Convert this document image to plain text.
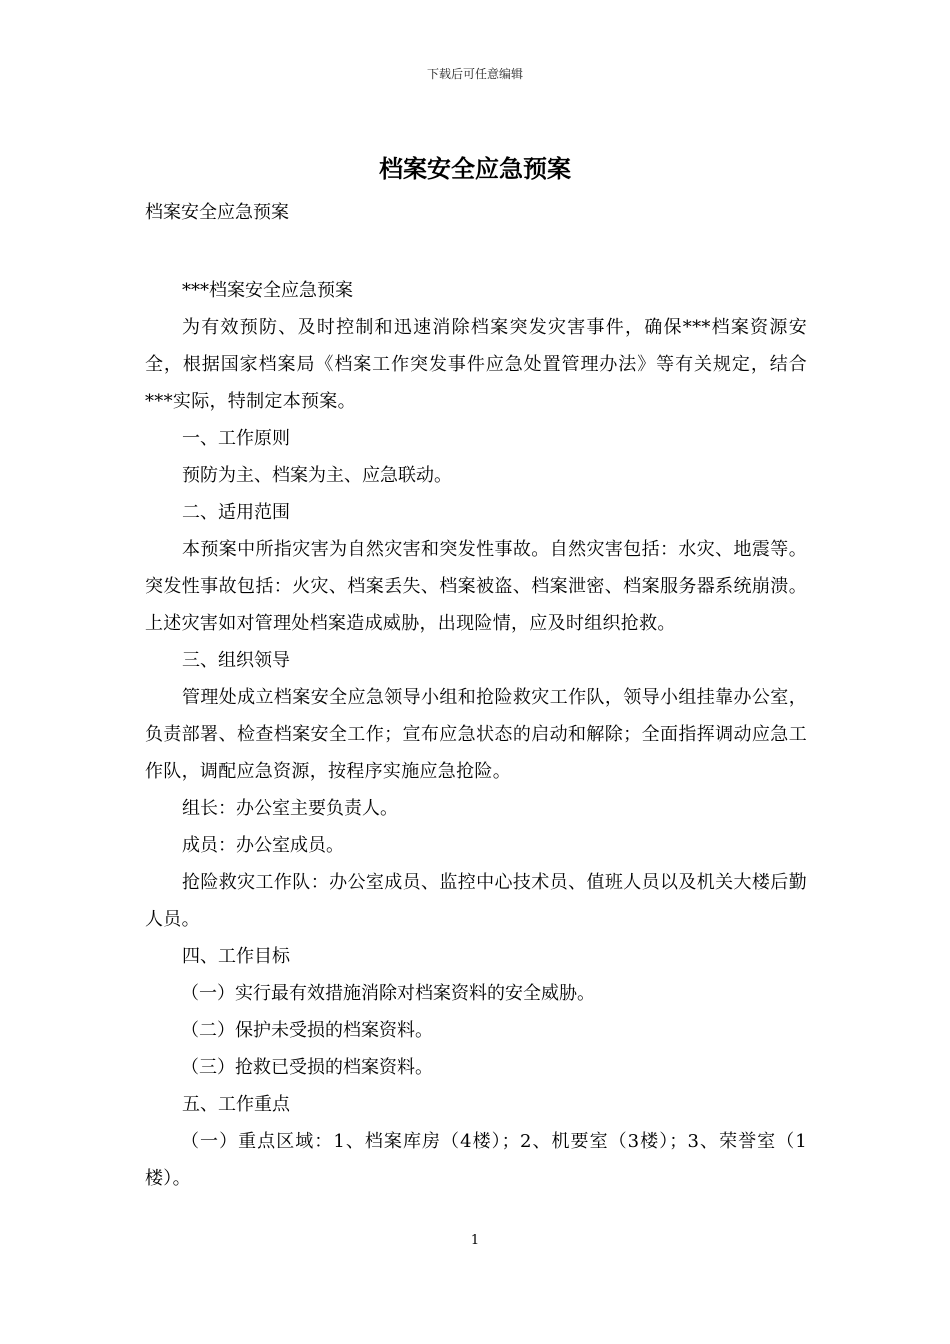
下载后可任意编辑
档案安全应急预案
档案安全应急预案

***档案安全应急预案

为有效预防、及时控制和迅速消除档案突发灾害事件，确保***档案资源安全，根据国家档案局《档案工作突发事件应急处置管理办法》等有关规定，结合***实际，特制定本预案。

一、工作原则

预防为主、档案为主、应急联动。

二、适用范围

本预案中所指灾害为自然灾害和突发性事故。自然灾害包括：水灾、地震等。突发性事故包括：火灾、档案丢失、档案被盗、档案泄密、档案服务器系统崩溃。上述灾害如对管理处档案造成威胁，出现险情，应及时组织抢救。

三、组织领导

管理处成立档案安全应急领导小组和抢险救灾工作队，领导小组挂靠办公室，负责部署、检查档案安全工作；宣布应急状态的启动和解除；全面指挥调动应急工作队，调配应急资源，按程序实施应急抢险。

组长：办公室主要负责人。

成员：办公室成员。

抢险救灾工作队：办公室成员、监控中心技术员、值班人员以及机关大楼后勤人员。

四、工作目标

（一）实行最有效措施消除对档案资料的安全威胁。

（二）保护未受损的档案资料。

（三）抢救已受损的档案资料。

五、工作重点

（一）重点区域：1、档案库房（4楼）；2、机要室（3楼）；3、荣誉室（1楼）。

1
